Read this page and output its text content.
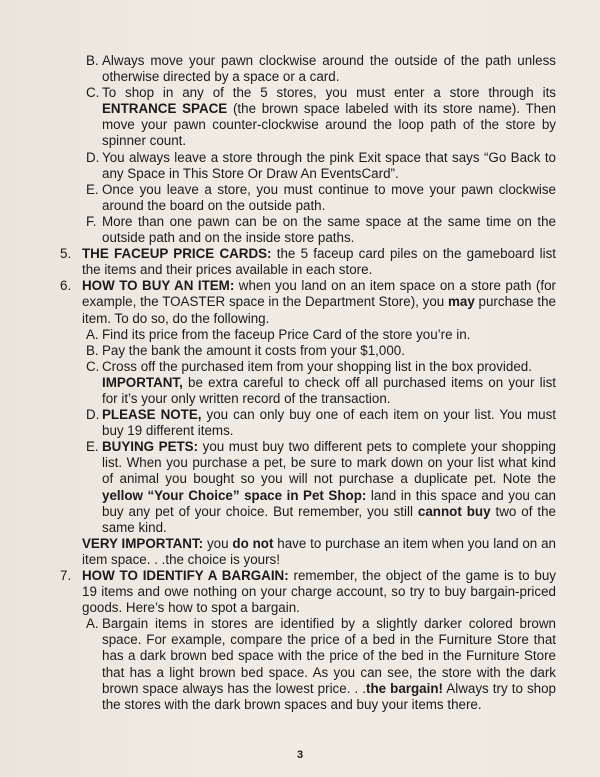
B. Always move your pawn clockwise around the outside of the path unless otherwise directed by a space or a card.
C. To shop in any of the 5 stores, you must enter a store through its ENTRANCE SPACE (the brown space labeled with its store name). Then move your pawn counter-clockwise around the loop path of the store by spinner count.
D. You always leave a store through the pink Exit space that says “Go Back to any Space in This Store Or Draw An EventsCard”.
E. Once you leave a store, you must continue to move your pawn clockwise around the board on the outside path.
F. More than one pawn can be on the same space at the same time on the outside path and on the inside store paths.
5. THE FACEUP PRICE CARDS: the 5 faceup card piles on the gameboard list the items and their prices available in each store.
6. HOW TO BUY AN ITEM: when you land on an item space on a store path (for example, the TOASTER space in the Department Store), you may purchase the item. To do so, do the following.
A. Find its price from the faceup Price Card of the store you’re in.
B. Pay the bank the amount it costs from your $1,000.
C. Cross off the purchased item from your shopping list in the box provided.
IMPORTANT, be extra careful to check off all purchased items on your list for it’s your only written record of the transaction.
D. PLEASE NOTE, you can only buy one of each item on your list. You must buy 19 different items.
E. BUYING PETS: you must buy two different pets to complete your shopping list. When you purchase a pet, be sure to mark down on your list what kind of animal you bought so you will not purchase a duplicate pet. Note the yellow “Your Choice” space in Pet Shop: land in this space and you can buy any pet of your choice. But remember, you still cannot buy two of the same kind.
VERY IMPORTANT: you do not have to purchase an item when you land on an item space. . .the choice is yours!
7. HOW TO IDENTIFY A BARGAIN: remember, the object of the game is to buy 19 items and owe nothing on your charge account, so try to buy bargain-priced goods. Here’s how to spot a bargain.
A. Bargain items in stores are identified by a slightly darker colored brown space. For example, compare the price of a bed in the Furniture Store that has a dark brown bed space with the price of the bed in the Furniture Store that has a light brown bed space. As you can see, the store with the dark brown space always has the lowest price. . .the bargain! Always try to shop the stores with the dark brown spaces and buy your items there.
3
